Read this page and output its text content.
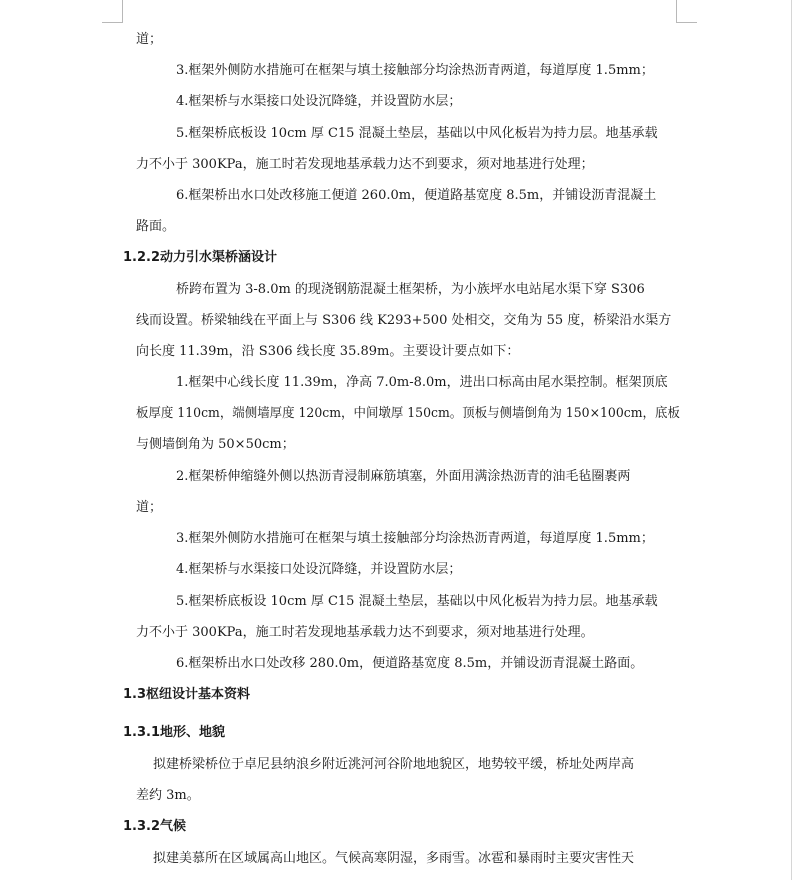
道；
3.框架外侧防水措施可在框架与填土接触部分均涂热沥青两道，每道厚度 1.5mm；
4.框架桥与水渠接口处设沉降缝，并设置防水层；
5.框架桥底板设 10cm 厚 C15 混凝土垫层，基础以中风化板岩为持力层。地基承载
力不小于 300KPa，施工时若发现地基承载力达不到要求，须对地基进行处理；
6.框架桥出水口处改移施工便道 260.0m，便道路基宽度 8.5m，并铺设沥青混凝土
路面。
1.2.2动力引水渠桥涵设计
桥跨布置为 3-8.0m 的现浇钢筋混凝土框架桥，为小族坪水电站尾水渠下穿 S306
线而设置。桥梁轴线在平面上与 S306 线 K293+500 处相交，交角为 55 度，桥梁沿水渠方
向长度 11.39m，沿 S306 线长度 35.89m。主要设计要点如下：
1.框架中心线长度 11.39m，净高 7.0m-8.0m，进出口标高由尾水渠控制。框架顶底
板厚度 110cm，端侧墙厚度 120cm，中间墩厚 150cm。顶板与侧墙倒角为 150×100cm，底板
与侧墙倒角为 50×50cm；
2.框架桥伸缩缝外侧以热沥青浸制麻筋填塞，外面用满涂热沥青的油毛毡圈裹两
道；
3.框架外侧防水措施可在框架与填土接触部分均涂热沥青两道，每道厚度 1.5mm；
4.框架桥与水渠接口处设沉降缝，并设置防水层；
5.框架桥底板设 10cm 厚 C15 混凝土垫层，基础以中风化板岩为持力层。地基承载
力不小于 300KPa，施工时若发现地基承载力达不到要求，须对地基进行处理。
6.框架桥出水口处改移 280.0m，便道路基宽度 8.5m，并铺设沥青混凝土路面。
1.3枢纽设计基本资料
1.3.1地形、地貌
拟建桥梁桥位于卓尼县纳浪乡附近洮河河谷阶地地貌区，地势较平缓，桥址处两岸高
差约 3m。
1.3.2气候
拟建美慕所在区域属高山地区。气候高寒阴湿，多雨雪。冰雹和暴雨时主要灾害性天
